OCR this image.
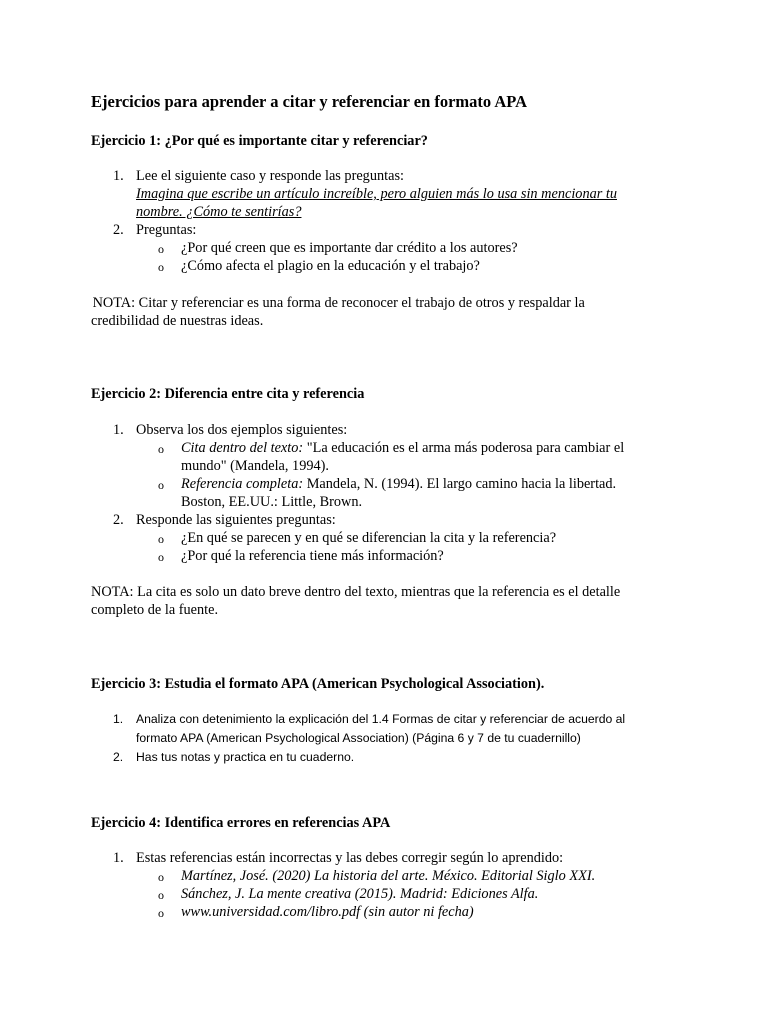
Ejercicios para aprender a citar y referenciar en formato APA
Ejercicio 1: ¿Por qué es importante citar y referenciar?
1. Lee el siguiente caso y responde las preguntas:
Imagina que escribe un artículo increíble, pero alguien más lo usa sin mencionar tu
nombre. ¿Cómo te sentirías?
2. Preguntas:
o ¿Por qué creen que es importante dar crédito a los autores?
o ¿Cómo afecta el plagio en la educación y el trabajo?
NOTA: Citar y referenciar es una forma de reconocer el trabajo de otros y respaldar la
credibilidad de nuestras ideas.
Ejercicio 2: Diferencia entre cita y referencia
1. Observa los dos ejemplos siguientes:
o Cita dentro del texto: "La educación es el arma más poderosa para cambiar el
mundo" (Mandela, 1994).
o Referencia completa: Mandela, N. (1994). El largo camino hacia la libertad.
Boston, EE.UU.: Little, Brown.
2. Responde las siguientes preguntas:
o ¿En qué se parecen y en qué se diferencian la cita y la referencia?
o ¿Por qué la referencia tiene más información?
NOTA: La cita es solo un dato breve dentro del texto, mientras que la referencia es el detalle
completo de la fuente.
Ejercicio 3: Estudia el formato APA (American Psychological Association).
1. Analiza con detenimiento la explicación del 1.4 Formas de citar y referenciar de acuerdo al
formato APA (American Psychological Association) (Página 6 y 7 de tu cuadernillo)
2. Has tus notas y practica en tu cuaderno.
Ejercicio 4: Identifica errores en referencias APA
1. Estas referencias están incorrectas y las debes corregir según lo aprendido:
o Martínez, José. (2020) La historia del arte. México. Editorial Siglo XXI.
o Sánchez, J. La mente creativa (2015). Madrid: Ediciones Alfa.
o www.universidad.com/libro.pdf (sin autor ni fecha)
